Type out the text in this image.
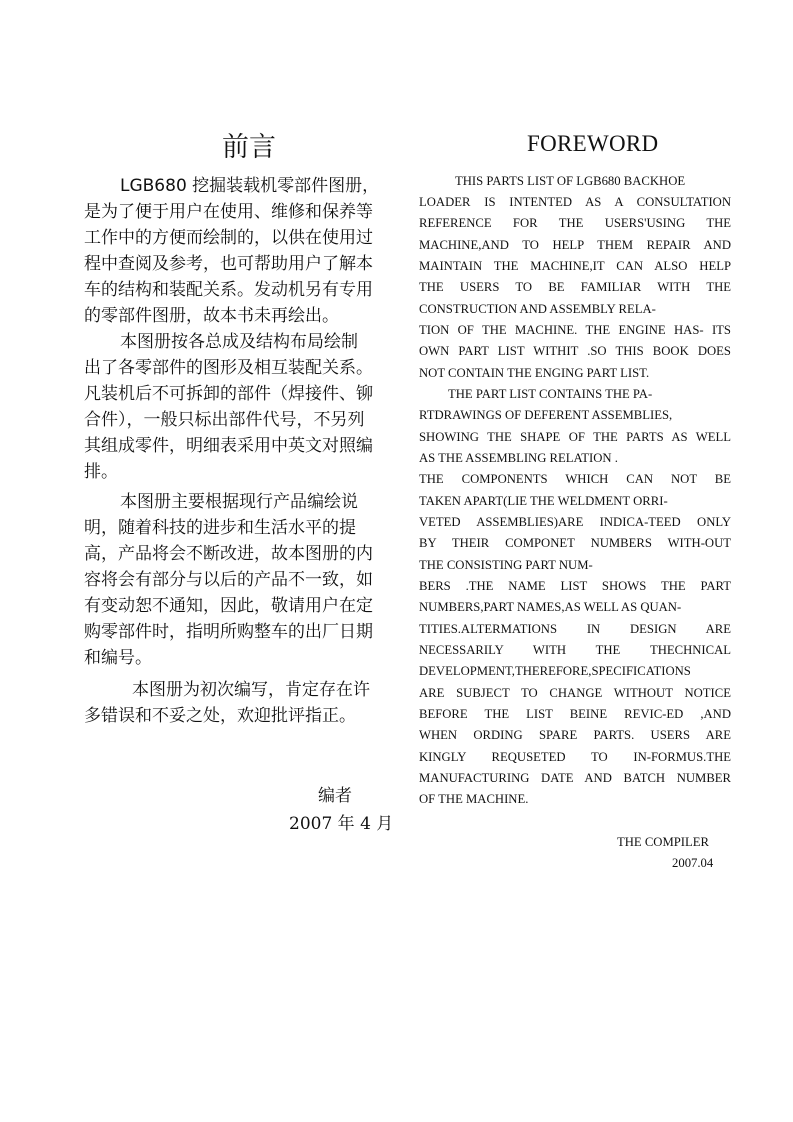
前言

LGB680 挖掘装载机零部件图册，

是为了便于用户在使用、维修和保养等

工作中的方便而绘制的，以供在使用过

程中查阅及参考，也可帮助用户了解本

车的结构和装配关系。发动机另有专用

的零部件图册，故本书未再绘出。

本图册按各总成及结构布局绘制

出了各零部件的图形及相互装配关系。

凡装机后不可拆卸的部件（焊接件、铆

合件），一般只标出部件代号，不另列

其组成零件，明细表采用中英文对照编

排。

本图册主要根据现行产品编绘说

明，随着科技的进步和生活水平的提

高，产品将会不断改进，故本图册的内

容将会有部分与以后的产品不一致，如

有变动恕不通知，因此，敬请用户在定

购零部件时，指明所购整车的出厂日期

和编号。

本图册为初次编写，肯定存在许

多错误和不妥之处，欢迎批评指正。

编者

2007 年 4 月

FOREWORD

THIS PARTS LIST OF LGB680 BACKHOE

LOADER IS INTENTED AS A CONSULTATION

REFERENCE FOR THE USERS'USING THE

MACHINE,AND TO HELP THEM REPAIR AND

MAINTAIN THE MACHINE,IT CAN ALSO HELP

THE USERS TO BE FAMILIAR WITH THE

CONSTRUCTION AND ASSEMBLY RELA-

TION OF THE MACHINE. THE ENGINE HAS- ITS

OWN PART LIST WITHIT .SO THIS BOOK DOES

NOT CONTAIN THE ENGING PART LIST.

THE PART LIST CONTAINS THE PA-

RTDRAWINGS OF DEFERENT ASSEMBLIES,

SHOWING THE SHAPE OF THE PARTS AS WELL

AS THE ASSEMBLING RELATION .

THE COMPONENTS WHICH CAN NOT BE

TAKEN APART(LIE THE WELDMENT ORRI-

VETED ASSEMBLIES)ARE INDICA-TEED ONLY

BY THEIR COMPONET NUMBERS WITH-OUT

THE CONSISTING PART NUM-

BERS .THE NAME LIST SHOWS THE PART

NUMBERS,PART NAMES,AS WELL AS QUAN-

TITIES.ALTERMATIONS IN DESIGN ARE

NECESSARILY WITH THE THECHNICAL

DEVELOPMENT,THEREFORE,SPECIFICATIONS

ARE SUBJECT TO CHANGE WITHOUT NOTICE

BEFORE THE LIST BEINE REVIC-ED ,AND

WHEN ORDING SPARE PARTS. USERS ARE

KINGLY REQUSETED TO IN-FORMUS.THE

MANUFACTURING DATE AND BATCH NUMBER

OF THE MACHINE.

THE COMPILER

2007.04
